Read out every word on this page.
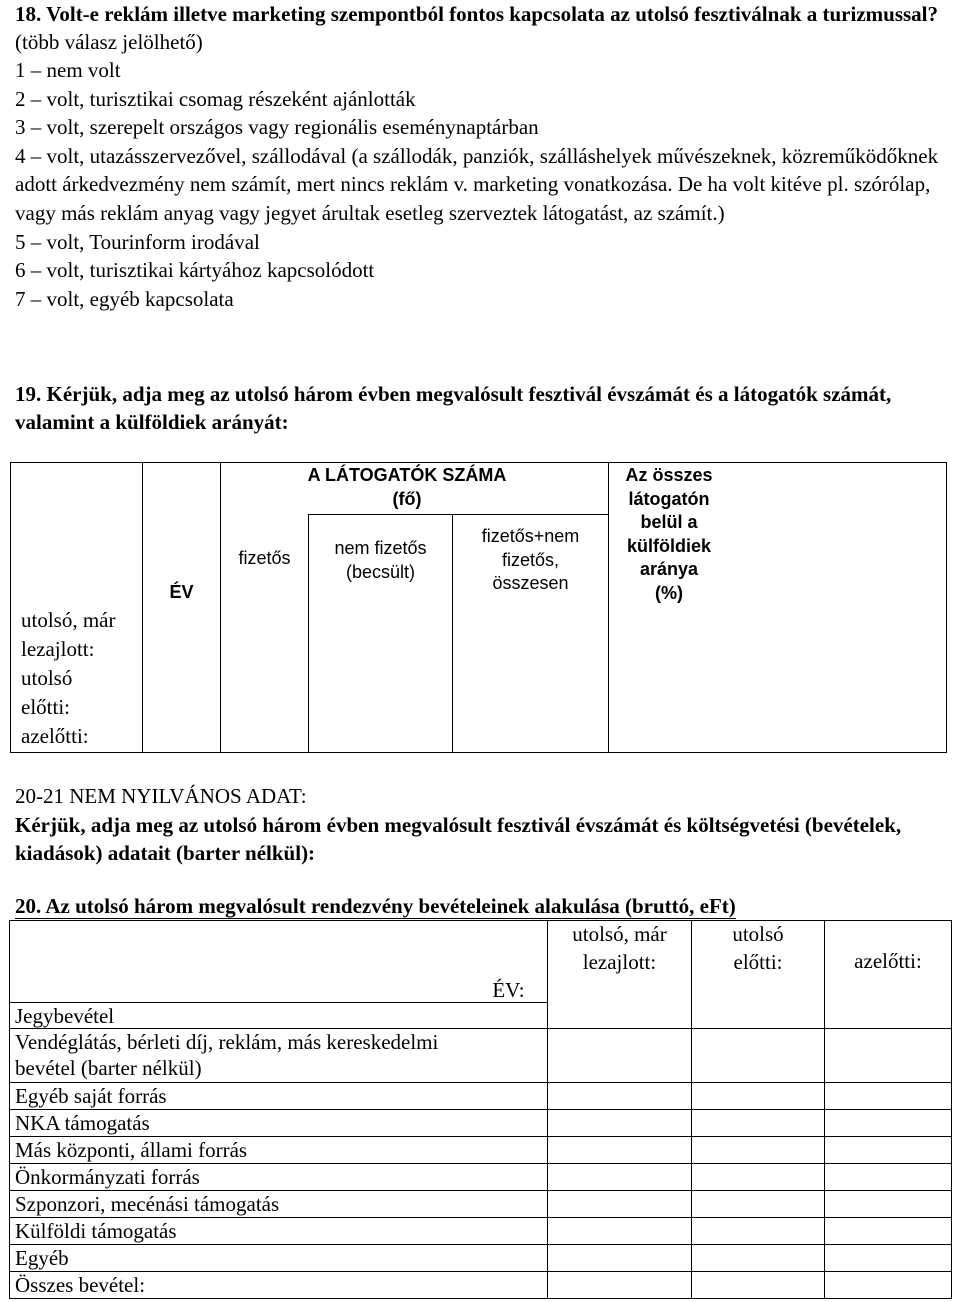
18. Volt-e reklám illetve marketing szempontból fontos kapcsolata az utolsó fesztiválnak a turizmussal? (több válasz jelölhető)
1 – nem volt
2 – volt, turisztikai csomag részeként ajánlották
3 – volt, szerepelt országos vagy regionális eseménynaptárban
4 – volt, utazásszervezővel, szállodával (a szállodák, panziók, szálláshelyek művészeknek, közreműködőknek adott árkedvezmény nem számít, mert nincs reklám v. marketing vonatkozása. De ha volt kitéve pl. szórólap, vagy más reklám anyag vagy jegyet árultak esetleg szerveztek látogatást, az számít.)
5 – volt, Tourinform irodával
6 – volt, turisztikai kártyához kapcsolódott
7 – volt, egyéb kapcsolata
19. Kérjük, adja meg az utolsó három évben megvalósult fesztivál évszámát és a látogatók számát, valamint a külföldiek arányát:
utolsó, már
lezajlott:
utolsó
előtti:
azelőtti:
ÉV
fizetős
A LÁTOGATÓK SZÁMA
(fő)
nem fizetős
(becsült)
fizetős+nem
fizetős,
összesen
Az összes
látogatón
belül a
külföldiek
aránya
(%)
20-21 NEM NYILVÁNOS ADAT:
Kérjük, adja meg az utolsó három évben megvalósult fesztivál évszámát és költségvetési (bevételek, kiadások) adatait (barter nélkül):
20. Az utolsó három megvalósult rendezvény bevételeinek alakulása (bruttó, eFt)
utolsó, már
lezajlott:
utolsó
előtti:	azelőtti:
ÉV:
Jegybevétel
Vendéglátás, bérleti díj, reklám, más kereskedelmi bevétel (barter nélkül)
Egyéb saját forrás
NKA támogatás
Más központi, állami forrás
Önkormányzati forrás
Szponzori, mecénási támogatás
Külföldi támogatás
Egyéb
Összes bevétel:
